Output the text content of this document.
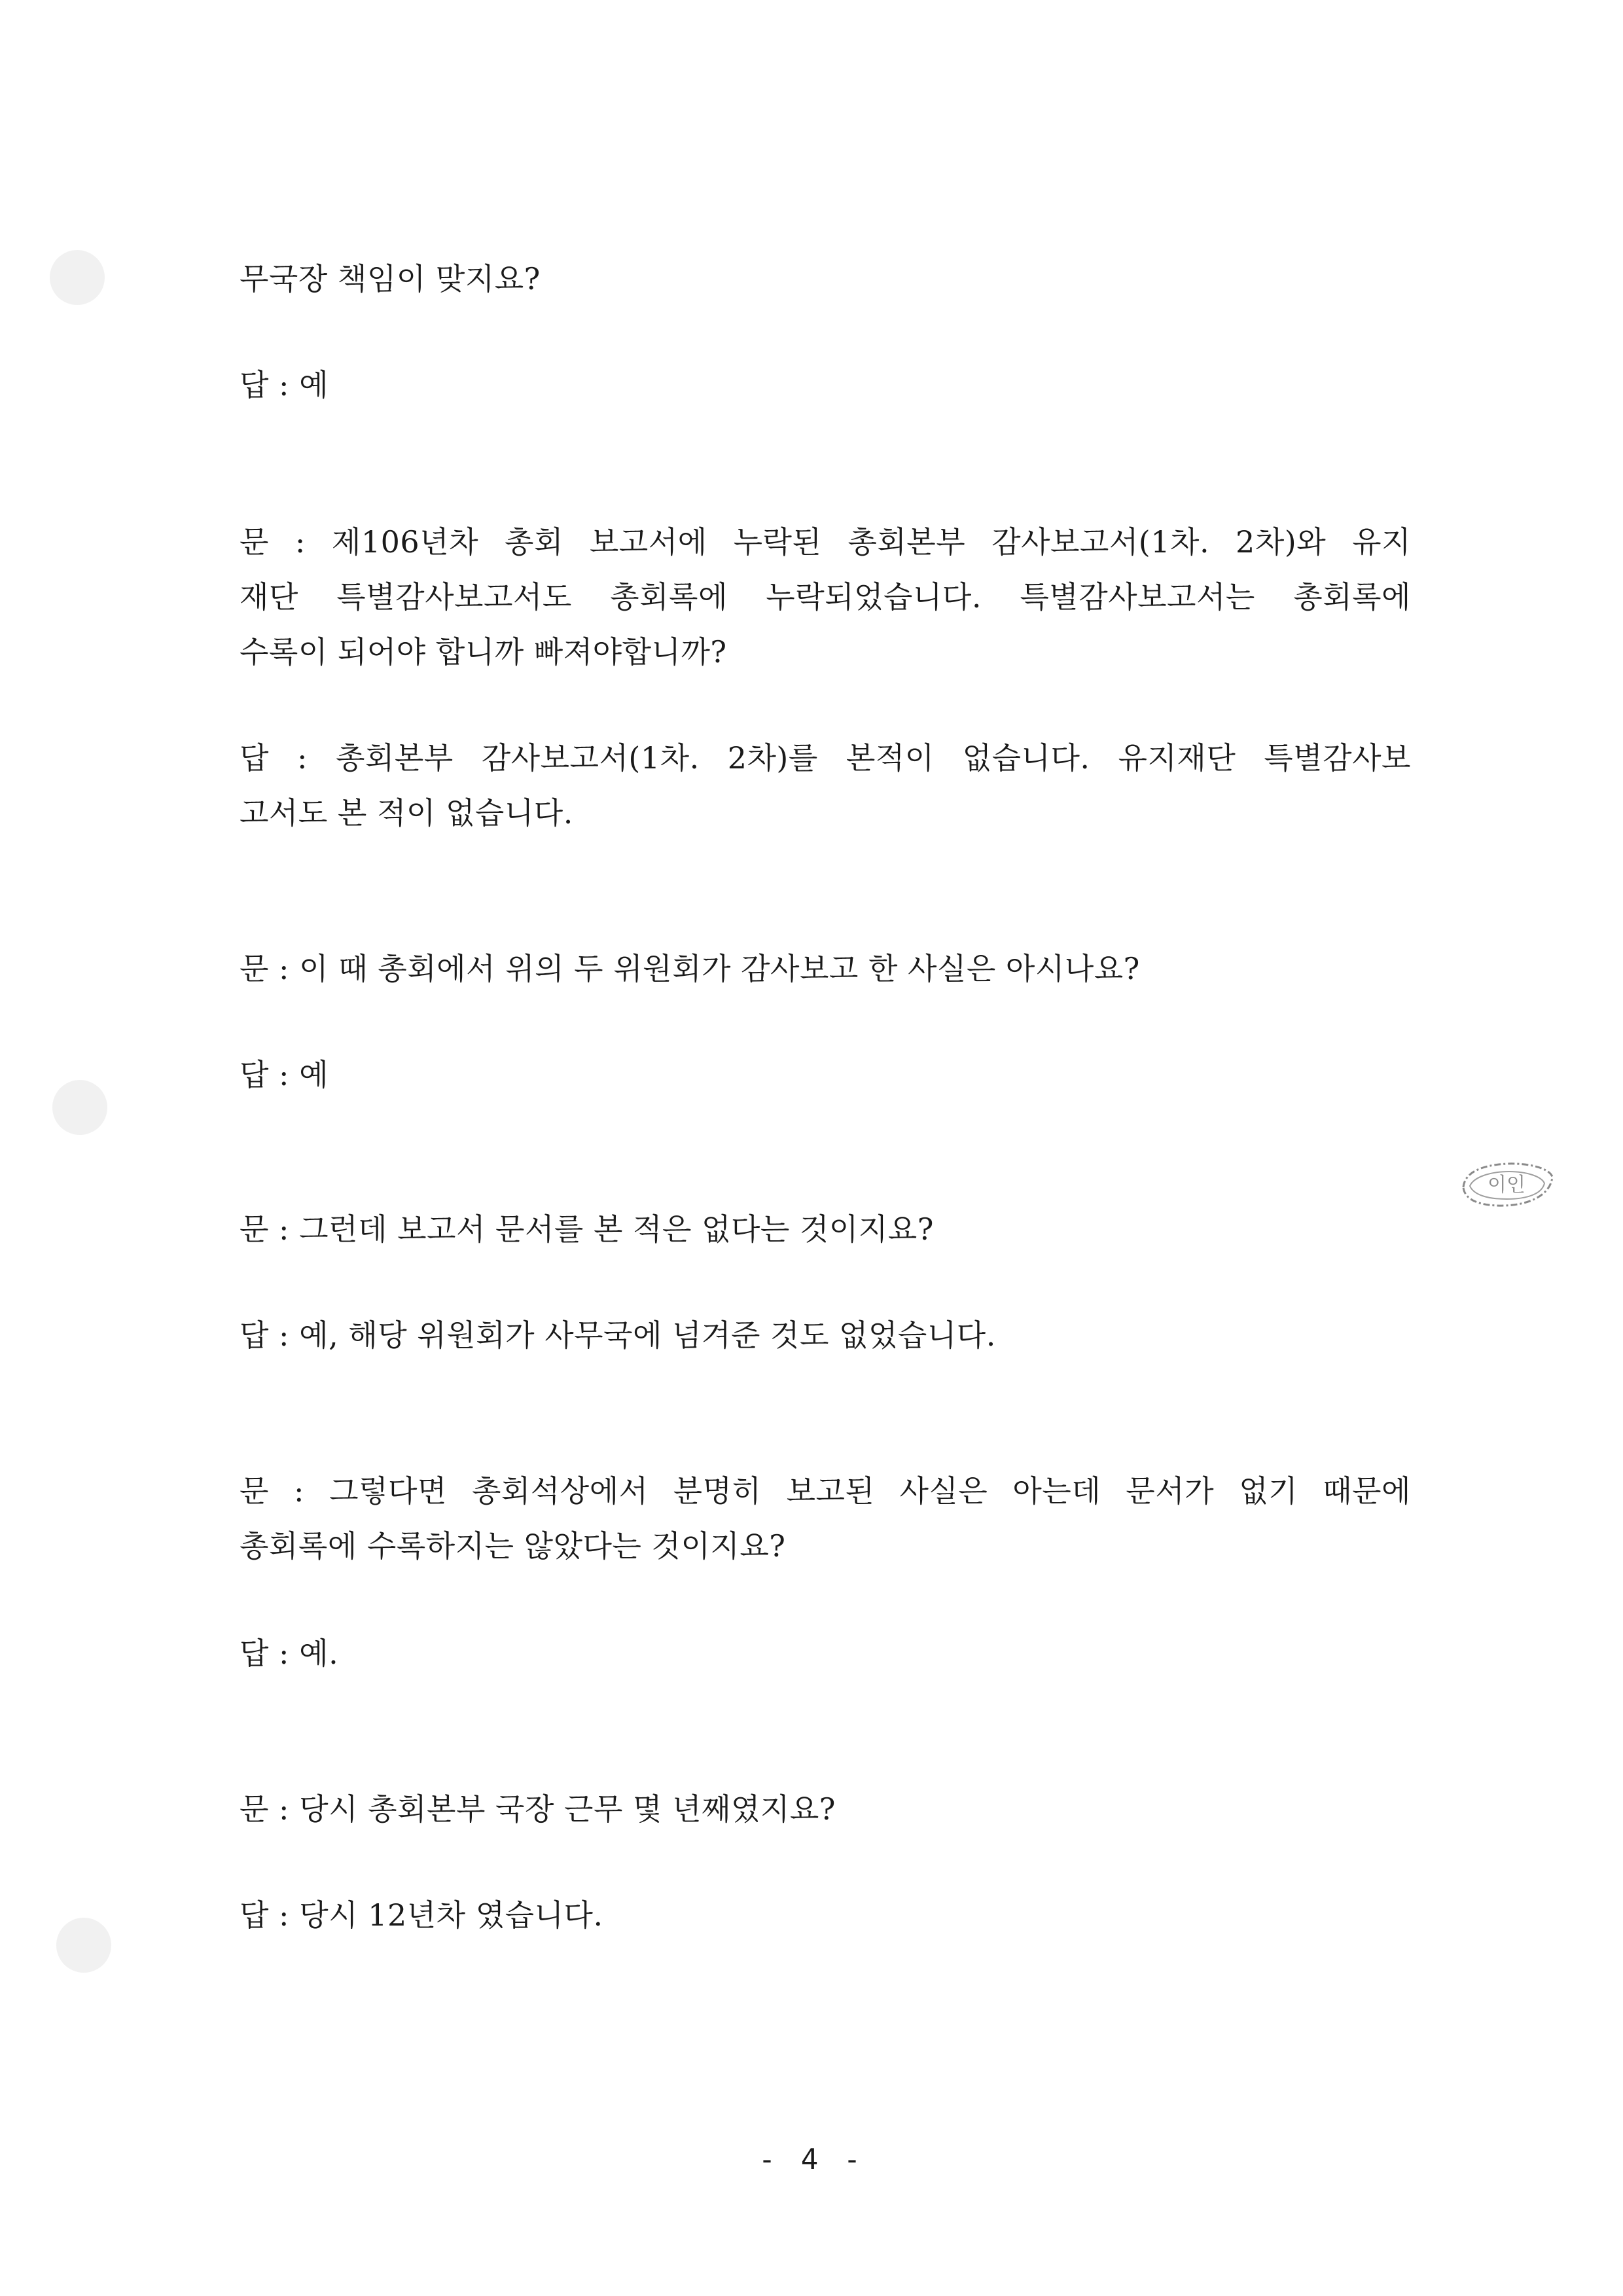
무국장 책임이 맞지요?
답 : 예
문 : 제106년차 총회 보고서에 누락된 총회본부 감사보고서(1차. 2차)와 유지
재단 특별감사보고서도 총회록에 누락되었습니다. 특별감사보고서는 총회록에
수록이 되어야 합니까 빠져야합니까?
답 : 총회본부 감사보고서(1차. 2차)를 본적이 없습니다. 유지재단 특별감사보
고서도 본 적이 없습니다.
문 : 이 때 총회에서 위의 두 위원회가 감사보고 한 사실은 아시나요?
답 : 예
문 : 그런데 보고서 문서를 본 적은 없다는 것이지요?
답 : 예, 해당 위원회가 사무국에 넘겨준 것도 없었습니다.
문 : 그렇다면 총회석상에서 분명히 보고된 사실은 아는데 문서가 없기 때문에
총회록에 수록하지는 않았다는 것이지요?
답 : 예.
문 : 당시 총회본부 국장 근무 몇 년째였지요?
답 : 당시 12년차 였습니다.
이인
- 4 -
